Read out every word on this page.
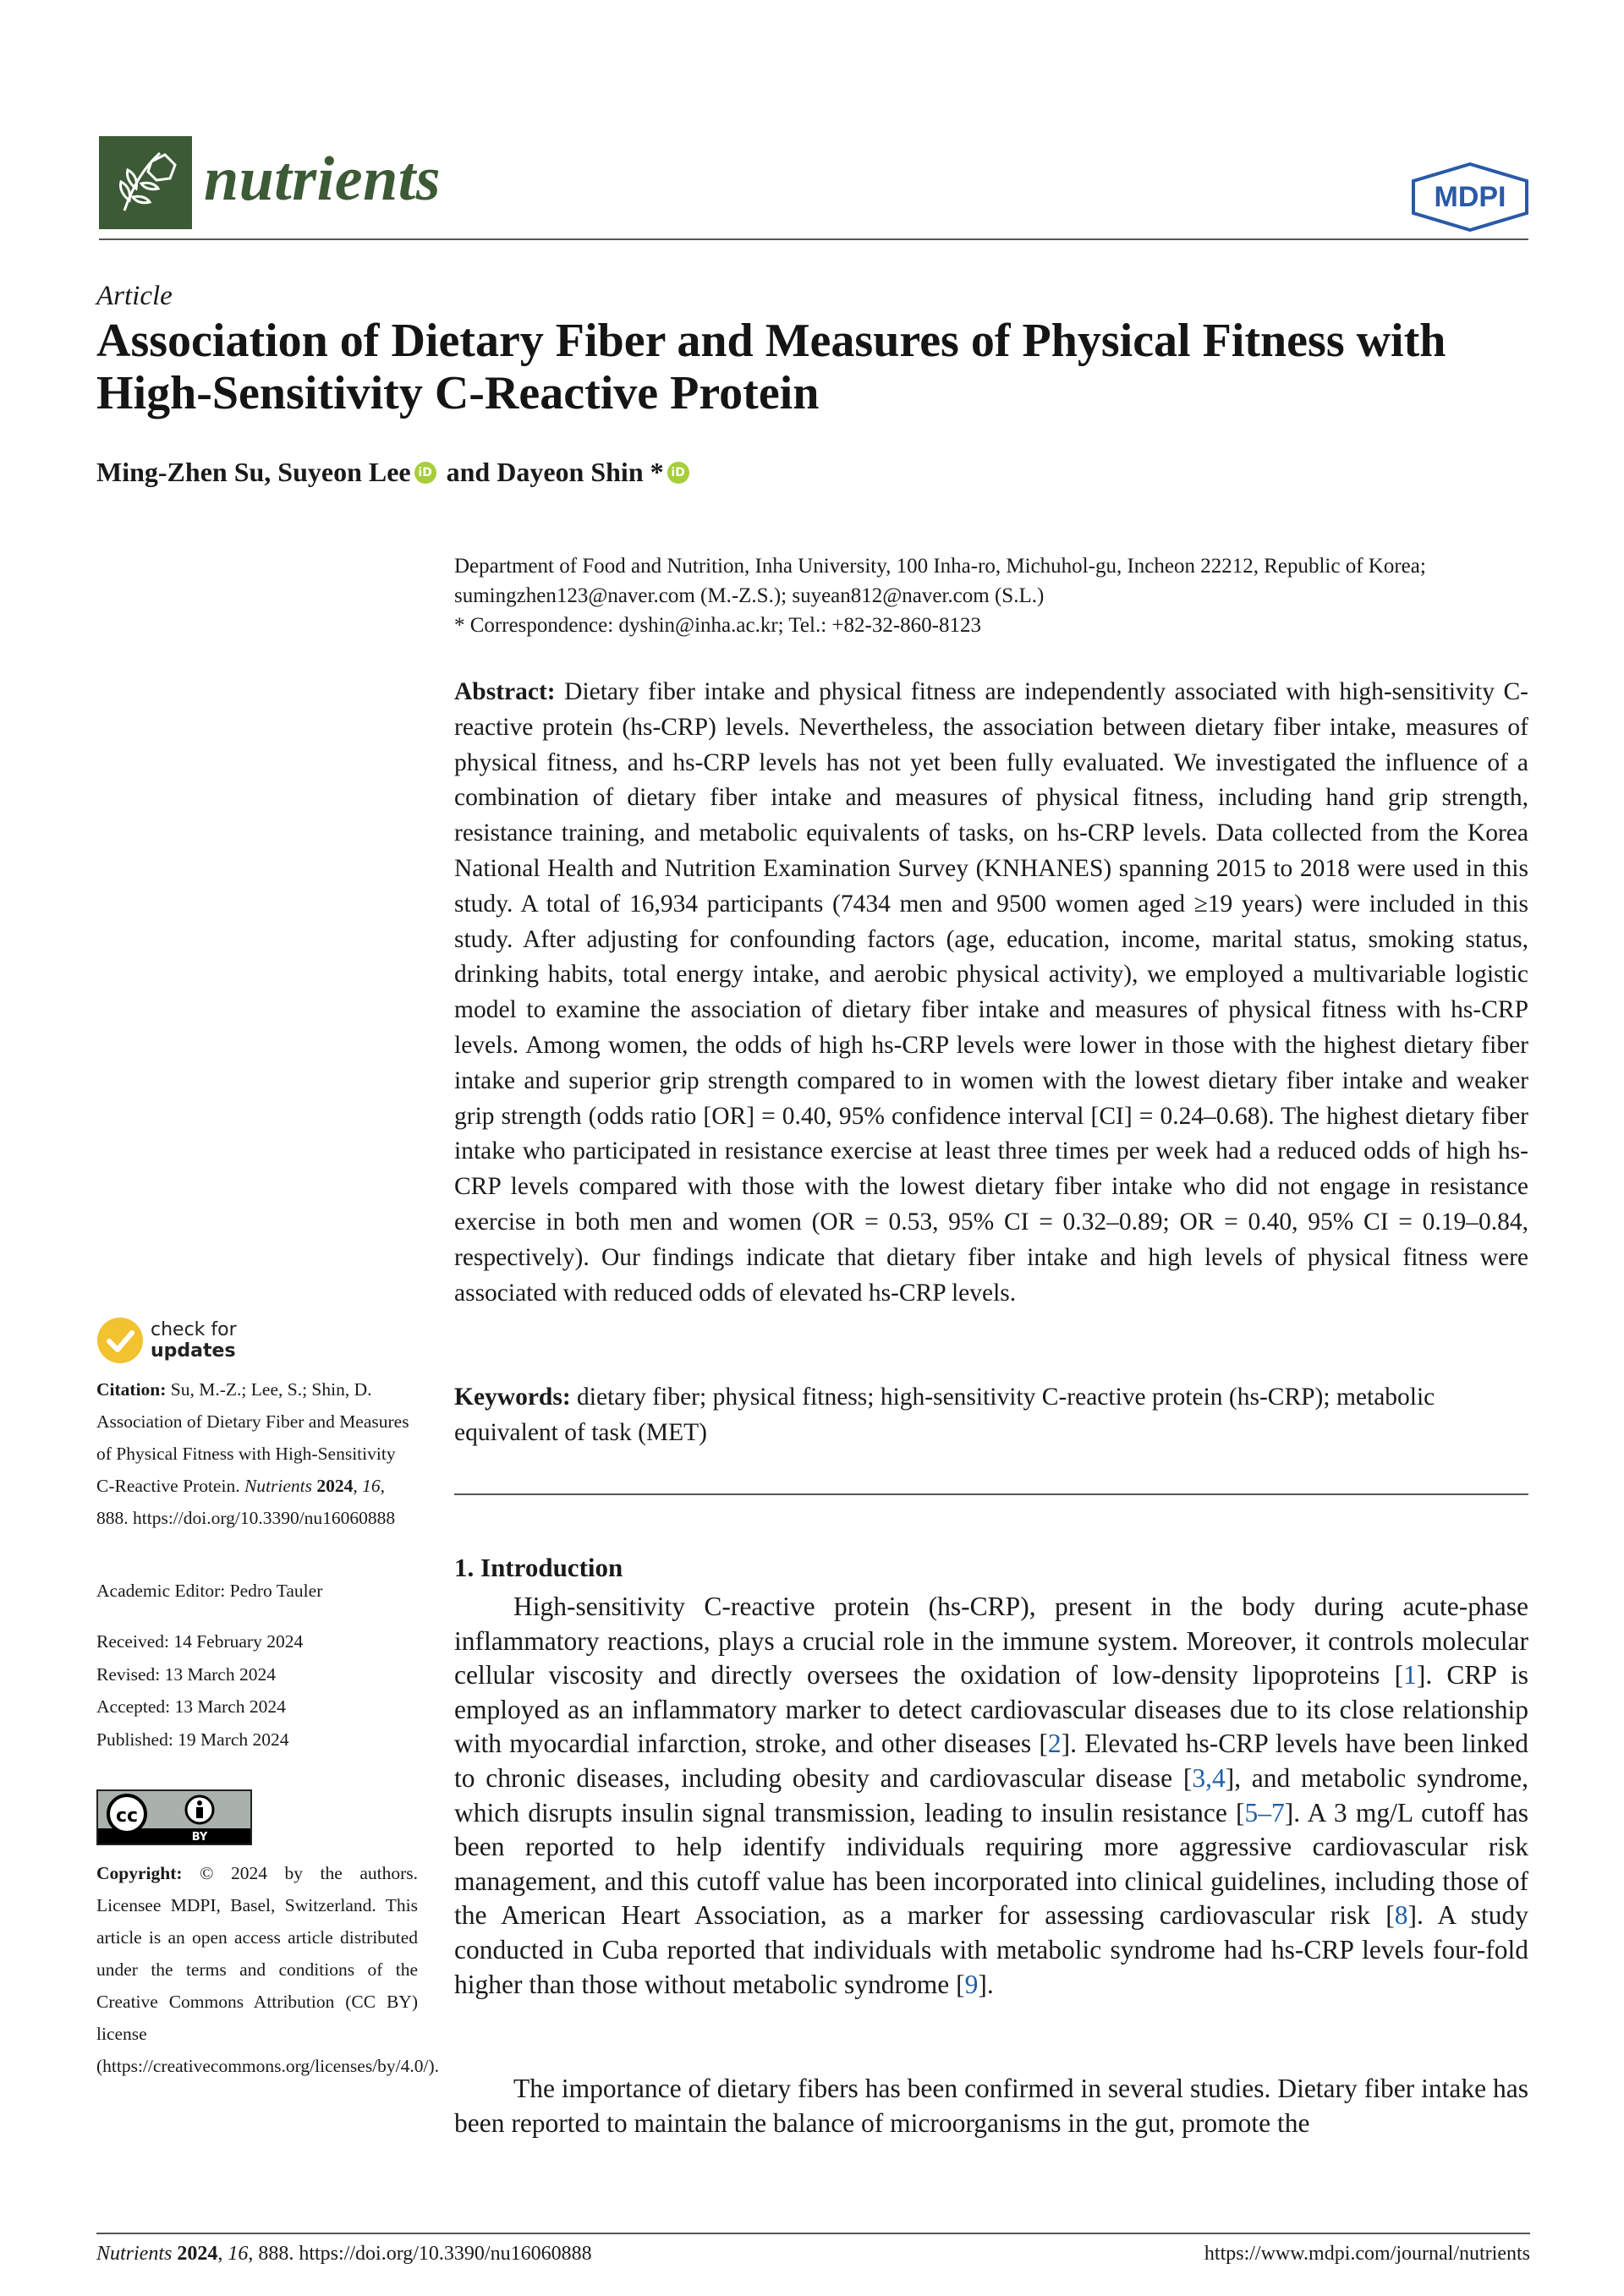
nutrients	MDPI
Article
Association of Dietary Fiber and Measures of Physical Fitness with High-Sensitivity C-Reactive Protein
Ming-Zhen Su, Suyeon Lee iD and Dayeon Shin * iD
Department of Food and Nutrition, Inha University, 100 Inha-ro, Michuhol-gu, Incheon 22212, Republic of Korea; sumingzhen123@naver.com (M.-Z.S.); suyean812@naver.com (S.L.)
* Correspondence: dyshin@inha.ac.kr; Tel.: +82-32-860-8123
Abstract: Dietary fiber intake and physical fitness are independently associated with high-sensitivity C-reactive protein (hs-CRP) levels. Nevertheless, the association between dietary fiber intake, measures of physical fitness, and hs-CRP levels has not yet been fully evaluated. We investigated the influence of a combination of dietary fiber intake and measures of physical fitness, including hand grip strength, resistance training, and metabolic equivalents of tasks, on hs-CRP levels. Data collected from the Korea National Health and Nutrition Examination Survey (KNHANES) spanning 2015 to 2018 were used in this study. A total of 16,934 participants (7434 men and 9500 women aged ≥19 years) were included in this study. After adjusting for confounding factors (age, education, income, marital status, smoking status, drinking habits, total energy intake, and aerobic physical activity), we employed a multivariable logistic model to examine the association of dietary fiber intake and measures of physical fitness with hs-CRP levels. Among women, the odds of high hs-CRP levels were lower in those with the highest dietary fiber intake and superior grip strength compared to in women with the lowest dietary fiber intake and weaker grip strength (odds ratio [OR] = 0.40, 95% confidence interval [CI] = 0.24–0.68). The highest dietary fiber intake who participated in resistance exercise at least three times per week had a reduced odds of high hs-CRP levels compared with those with the lowest dietary fiber intake who did not engage in resistance exercise in both men and women (OR = 0.53, 95% CI = 0.32–0.89; OR = 0.40, 95% CI = 0.19–0.84, respectively). Our findings indicate that dietary fiber intake and high levels of physical fitness were associated with reduced odds of elevated hs-CRP levels.
Keywords: dietary fiber; physical fitness; high-sensitivity C-reactive protein (hs-CRP); metabolic equivalent of task (MET)
1. Introduction
High-sensitivity C-reactive protein (hs-CRP), present in the body during acute-phase inflammatory reactions, plays a crucial role in the immune system. Moreover, it controls molecular cellular viscosity and directly oversees the oxidation of low-density lipoproteins [1]. CRP is employed as an inflammatory marker to detect cardiovascular diseases due to its close relationship with myocardial infarction, stroke, and other diseases [2]. Elevated hs-CRP levels have been linked to chronic diseases, including obesity and cardiovascular disease [3,4], and metabolic syndrome, which disrupts insulin signal transmission, leading to insulin resistance [5–7]. A 3 mg/L cutoff has been reported to help identify individuals requiring more aggressive cardiovascular risk management, and this cutoff value has been incorporated into clinical guidelines, including those of the American Heart Association, as a marker for assessing cardiovascular risk [8]. A study conducted in Cuba reported that individuals with metabolic syndrome had hs-CRP levels four-fold higher than those without metabolic syndrome [9].
The importance of dietary fibers has been confirmed in several studies. Dietary fiber intake has been reported to maintain the balance of microorganisms in the gut, promote the
check for
updates
Citation: Su, M.-Z.; Lee, S.; Shin, D. Association of Dietary Fiber and Measures of Physical Fitness with High-Sensitivity C-Reactive Protein. Nutrients 2024, 16, 888. https://doi.org/10.3390/nu16060888
Academic Editor: Pedro Tauler
Received: 14 February 2024
Revised: 13 March 2024
Accepted: 13 March 2024
Published: 19 March 2024
cc
BY
Copyright: © 2024 by the authors. Licensee MDPI, Basel, Switzerland. This article is an open access article distributed under the terms and conditions of the Creative Commons Attribution (CC BY) license (https://creativecommons.org/licenses/by/4.0/).
Nutrients 2024, 16, 888. https://doi.org/10.3390/nu16060888	https://www.mdpi.com/journal/nutrients
